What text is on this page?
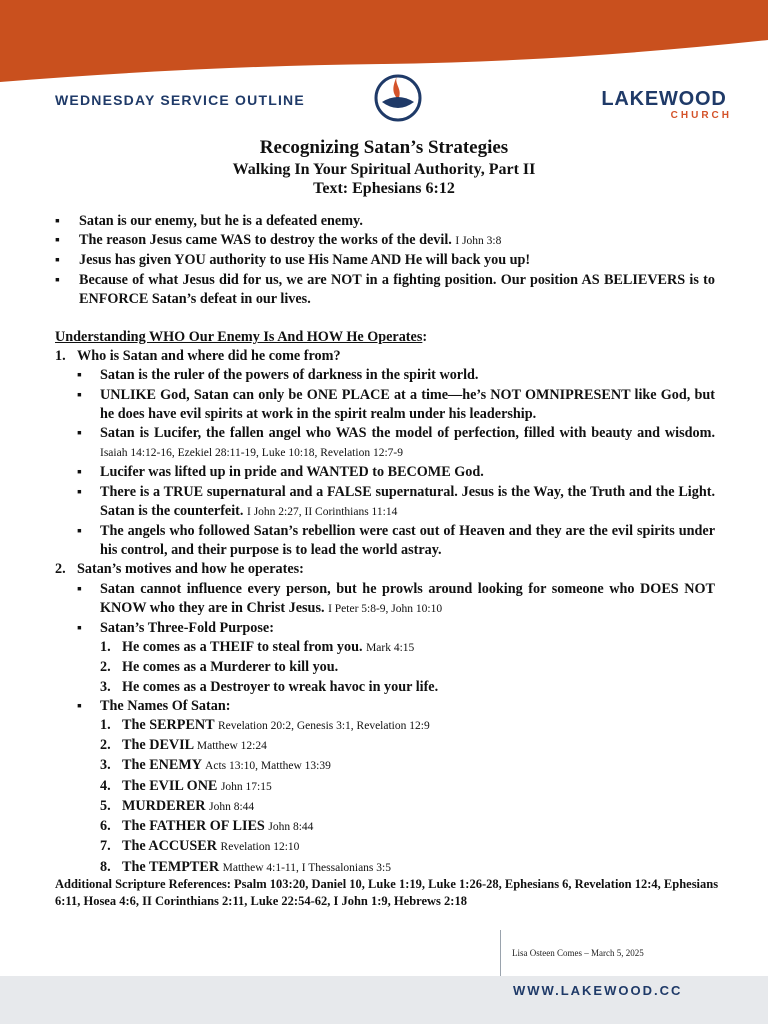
WEDNESDAY SERVICE OUTLINE	LAKEWOOD
CHURCH
Recognizing Satan’s Strategies
Walking In Your Spiritual Authority, Part II
Text: Ephesians 6:12
▪ Satan is our enemy, but he is a defeated enemy.
▪ The reason Jesus came WAS to destroy the works of the devil. I John 3:8
▪ Jesus has given YOU authority to use His Name AND He will back you up!
▪ Because of what Jesus did for us, we are NOT in a fighting position. Our position AS BELIEVERS is to ENFORCE Satan’s defeat in our lives.
Understanding WHO Our Enemy Is And HOW He Operates:
1. Who is Satan and where did he come from?
▪ Satan is the ruler of the powers of darkness in the spirit world.
▪ UNLIKE God, Satan can only be ONE PLACE at a time—he’s NOT OMNIPRESENT like God, but he does have evil spirits at work in the spirit realm under his leadership.
▪ Satan is Lucifer, the fallen angel who WAS the model of perfection, filled with beauty and wisdom. Isaiah 14:12-16, Ezekiel 28:11-19, Luke 10:18, Revelation 12:7-9
▪ Lucifer was lifted up in pride and WANTED to BECOME God.
▪ There is a TRUE supernatural and a FALSE supernatural. Jesus is the Way, the Truth and the Light. Satan is the counterfeit. I John 2:27, II Corinthians 11:14
▪ The angels who followed Satan’s rebellion were cast out of Heaven and they are the evil spirits under his control, and their purpose is to lead the world astray.
2. Satan’s motives and how he operates:
▪ Satan cannot influence every person, but he prowls around looking for someone who DOES NOT KNOW who they are in Christ Jesus. I Peter 5:8-9, John 10:10
▪ Satan’s Three-Fold Purpose:
1. He comes as a THEIF to steal from you. Mark 4:15
2. He comes as a Murderer to kill you.
3. He comes as a Destroyer to wreak havoc in your life.
▪ The Names Of Satan:
1. The SERPENT Revelation 20:2, Genesis 3:1, Revelation 12:9
2. The DEVIL Matthew 12:24
3. The ENEMY Acts 13:10, Matthew 13:39
4. The EVIL ONE John 17:15
5. MURDERER John 8:44
6. The FATHER OF LIES John 8:44
7. The ACCUSER Revelation 12:10
8. The TEMPTER Matthew 4:1-11, I Thessalonians 3:5
Additional Scripture References: Psalm 103:20, Daniel 10, Luke 1:19, Luke 1:26-28, Ephesians 6, Revelation 12:4, Ephesians 6:11, Hosea 4:6, II Corinthians 2:11, Luke 22:54-62, I John 1:9, Hebrews 2:18
Lisa Osteen Comes – March 5, 2025
WWW.LAKEWOOD.CC
